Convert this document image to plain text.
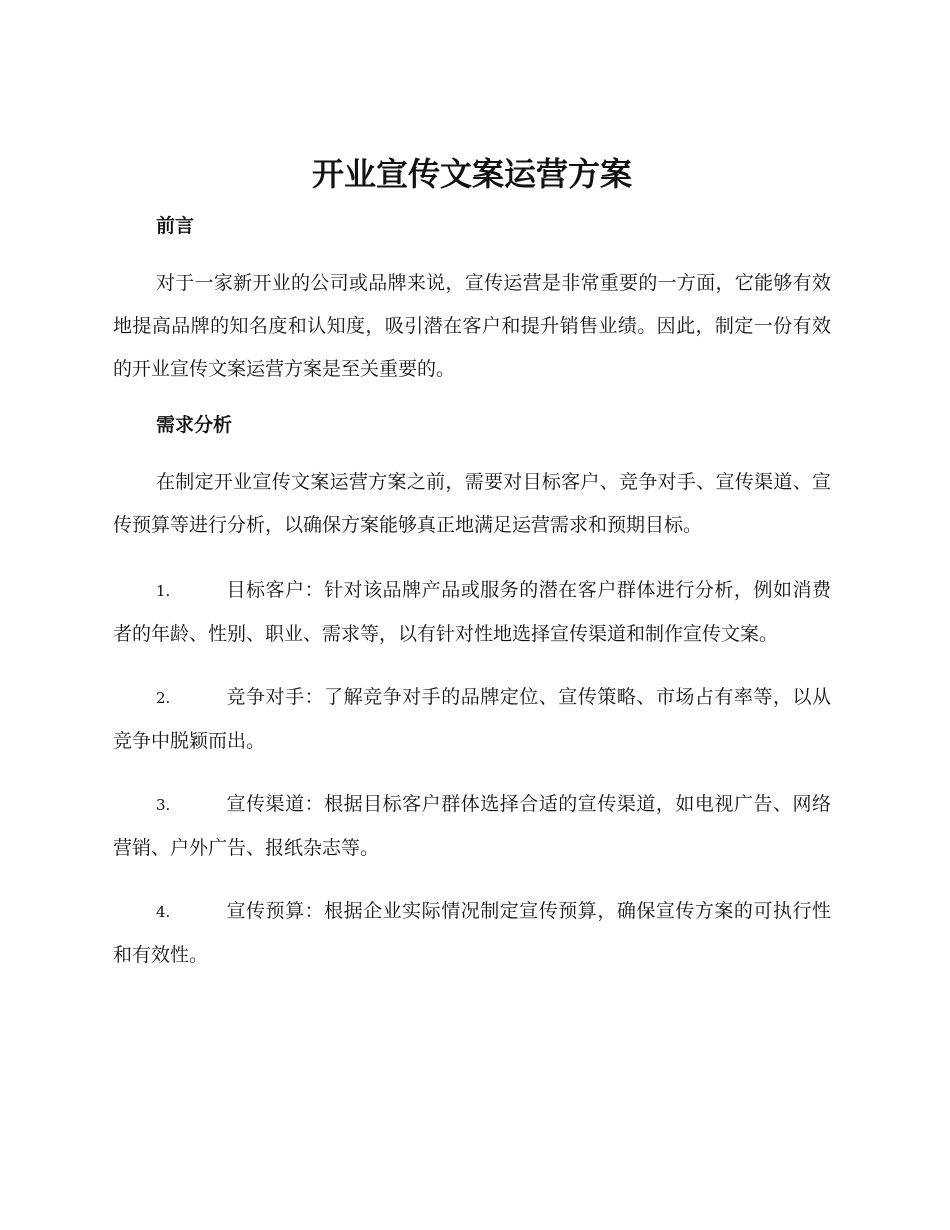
开业宣传文案运营方案
前言

对于一家新开业的公司或品牌来说，宣传运营是非常重要的一方面，它能够有效地提高品牌的知名度和认知度，吸引潜在客户和提升销售业绩。因此，制定一份有效的开业宣传文案运营方案是至关重要的。

需求分析

在制定开业宣传文案运营方案之前，需要对目标客户、竞争对手、宣传渠道、宣传预算等进行分析，以确保方案能够真正地满足运营需求和预期目标。

1.	目标客户：针对该品牌产品或服务的潜在客户群体进行分析，例如消费者的年龄、性别、职业、需求等，以有针对性地选择宣传渠道和制作宣传文案。
2.	竞争对手：了解竞争对手的品牌定位、宣传策略、市场占有率等，以从竞争中脱颖而出。
3.	宣传渠道：根据目标客户群体选择合适的宣传渠道，如电视广告、网络营销、户外广告、报纸杂志等。
4.	宣传预算：根据企业实际情况制定宣传预算，确保宣传方案的可执行性和有效性。
